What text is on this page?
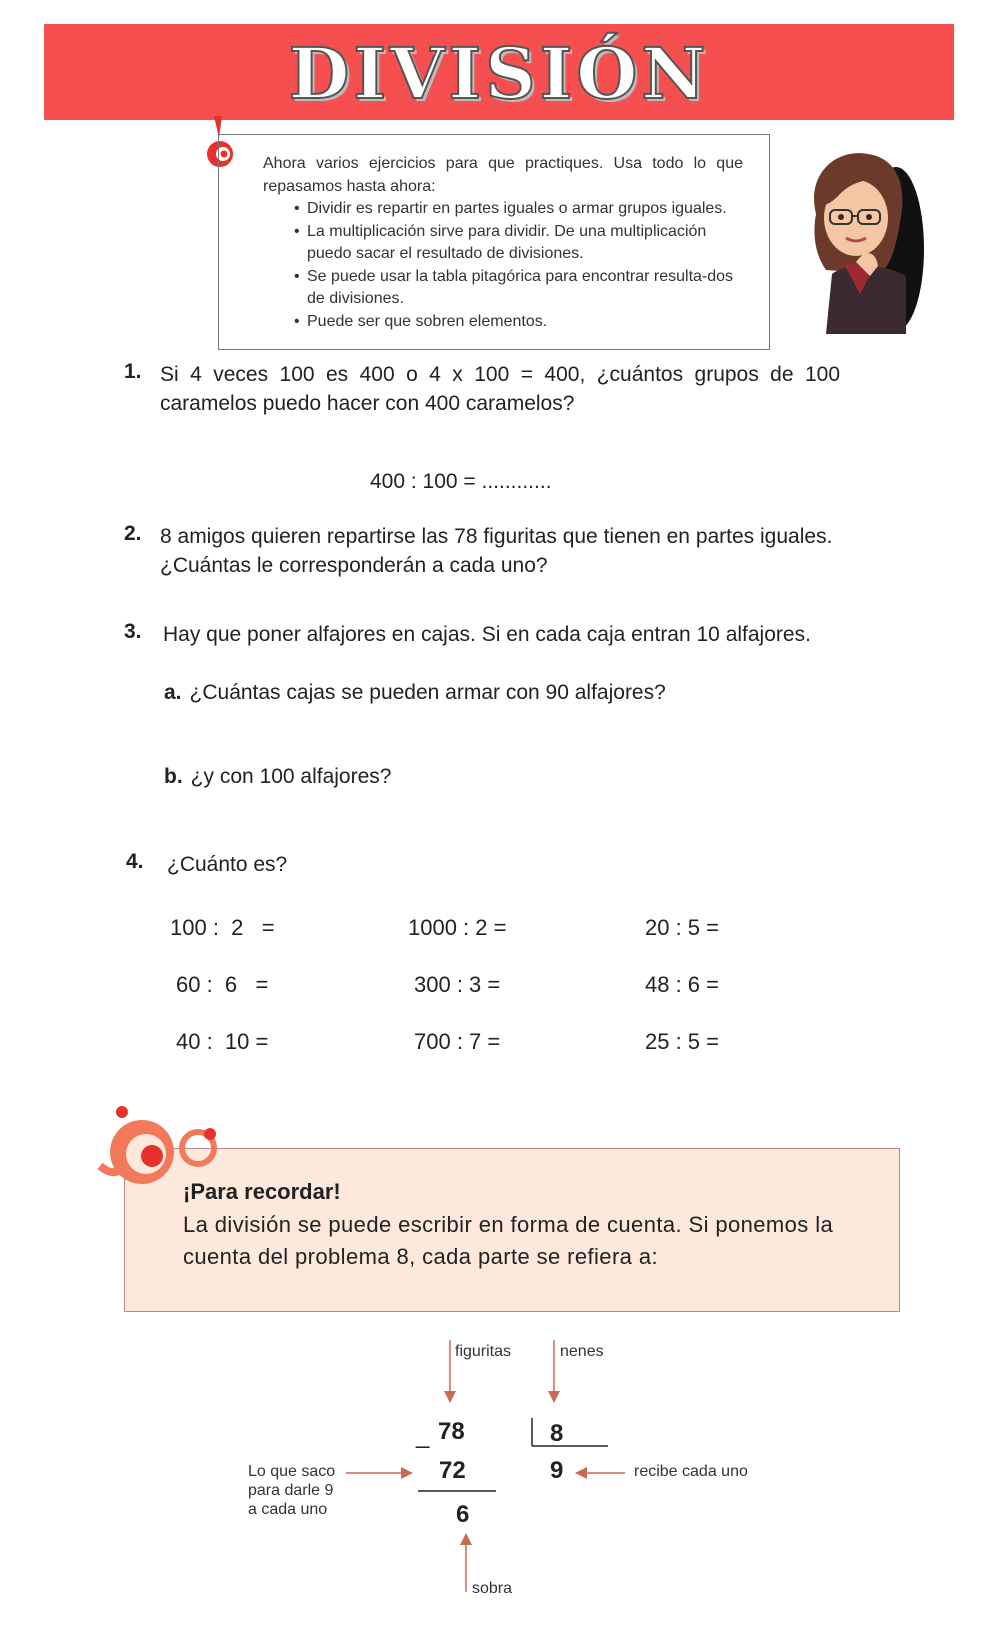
DIVISIÓN

Ahora varios ejercicios para que practiques. Usa todo lo que repasamos hasta ahora:

• Dividir es repartir en partes iguales o armar grupos iguales.
• La multiplicación sirve para dividir. De una multiplicación puedo sacar el resultado de divisiones.
• Se puede usar la tabla pitagórica para encontrar resulta-dos de divisiones.
• Puede ser que sobren elementos.
1. Si 4 veces 100 es 400 o 4 x 100 = 400, ¿cuántos grupos de 100 caramelos puedo hacer con 400 caramelos?
400 : 100 = ............
2. 8 amigos quieren repartirse las 78 figuritas que tienen en partes iguales. ¿Cuántas le corresponderán a cada uno?
3. Hay que poner alfajores en cajas. Si en cada caja entran 10 alfajores.
a. ¿Cuántas cajas se pueden armar con 90 alfajores?
b. ¿y con 100 alfajores?
4. ¿Cuánto es?
100 :  2   =	1000 : 2 =	20 : 5 =
60 :  6   =	300 : 3 =	48 : 6 =
40 :  10 =	700 : 7 =	25 : 5 =
¡Para recordar!
La división se puede escribir en forma de cuenta. Si ponemos la cuenta del problema 8, cada parte se refiera a:
figuritas	nenes
78
_	8
72	9
6
Lo que saco
para darle 9
a cada uno
recibe cada uno
sobra
